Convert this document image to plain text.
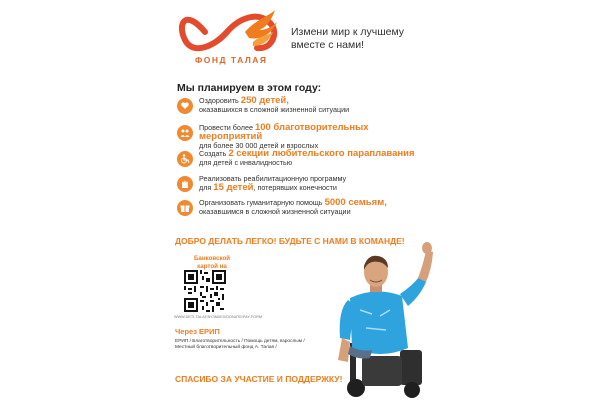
ФОНД ТАЛАЯ
Измени мир к лучшему вместе с нами!
Мы планируем в этом году:
Оздоровить 250 детей,
оказавшихся в сложной жизненной ситуации
Провести более 100 благотворительных мероприятий
для более 30 000 детей и взрослых
Создать 2 секции любительского параплавания
для детей с инвалидностью
Реализовать реабилитационную программу
для 15 детей, потерявших конечности
Организовать гуманитарную помощь 5000 семьям,
оказавшимся в сложной жизненной ситуации
ДОБРО ДЕЛАТЬ ЛЕГКО! БУДЬТЕ С НАМИ В КОМАНДЕ!
Банковской картой на
WWW.DETI-TALAY.BY/INDEX/DONATE/PAY-FORM
Через ЕРИП
ЕРИП / Благотворительность / Помощь детям, взрослым / Местный благотворительный фонд А. Талая /
СПАСИБО ЗА УЧАСТИЕ И ПОДДЕРЖКУ!
